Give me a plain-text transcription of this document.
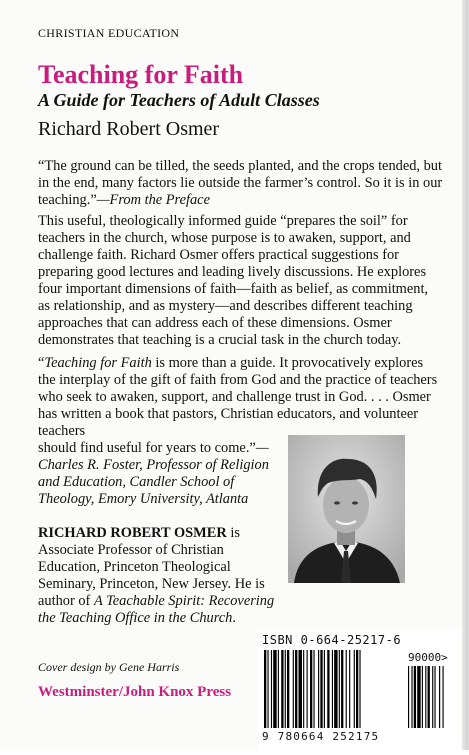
CHRISTIAN EDUCATION
Teaching for Faith
A Guide for Teachers of Adult Classes
Richard Robert Osmer
“The ground can be tilled, the seeds planted, and the crops tended, but in the end, many factors lie outside the farmer’s control. So it is in our teaching.”—From the Preface
This useful, theologically informed guide “prepares the soil” for teachers in the church, whose purpose is to awaken, support, and challenge faith. Richard Osmer offers practical suggestions for preparing good lectures and leading lively discussions. He explores four important dimensions of faith—faith as belief, as commitment, as relationship, and as mystery—and describes different teaching approaches that can address each of these dimensions. Osmer demonstrates that teaching is a crucial task in the church today.
“Teaching for Faith is more than a guide. It provocatively explores the interplay of the gift of faith from God and the practice of teachers who seek to awaken, support, and challenge trust in God. . . . Osmer has written a book that pastors, Christian educators, and volunteer teachers
should find useful for years to come.”—Charles R. Foster, Professor of Religion and Education, Candler School of Theology, Emory University, Atlanta
RICHARD ROBERT OSMER is Associate Professor of Christian Education, Princeton Theological Seminary, Princeton, New Jersey. He is author of A Teachable Spirit: Recovering the Teaching Office in the Church.
Cover design by Gene Harris
Westminster/John Knox Press
ISBN 0-664-25217-6
90000>
9 780664 252175
